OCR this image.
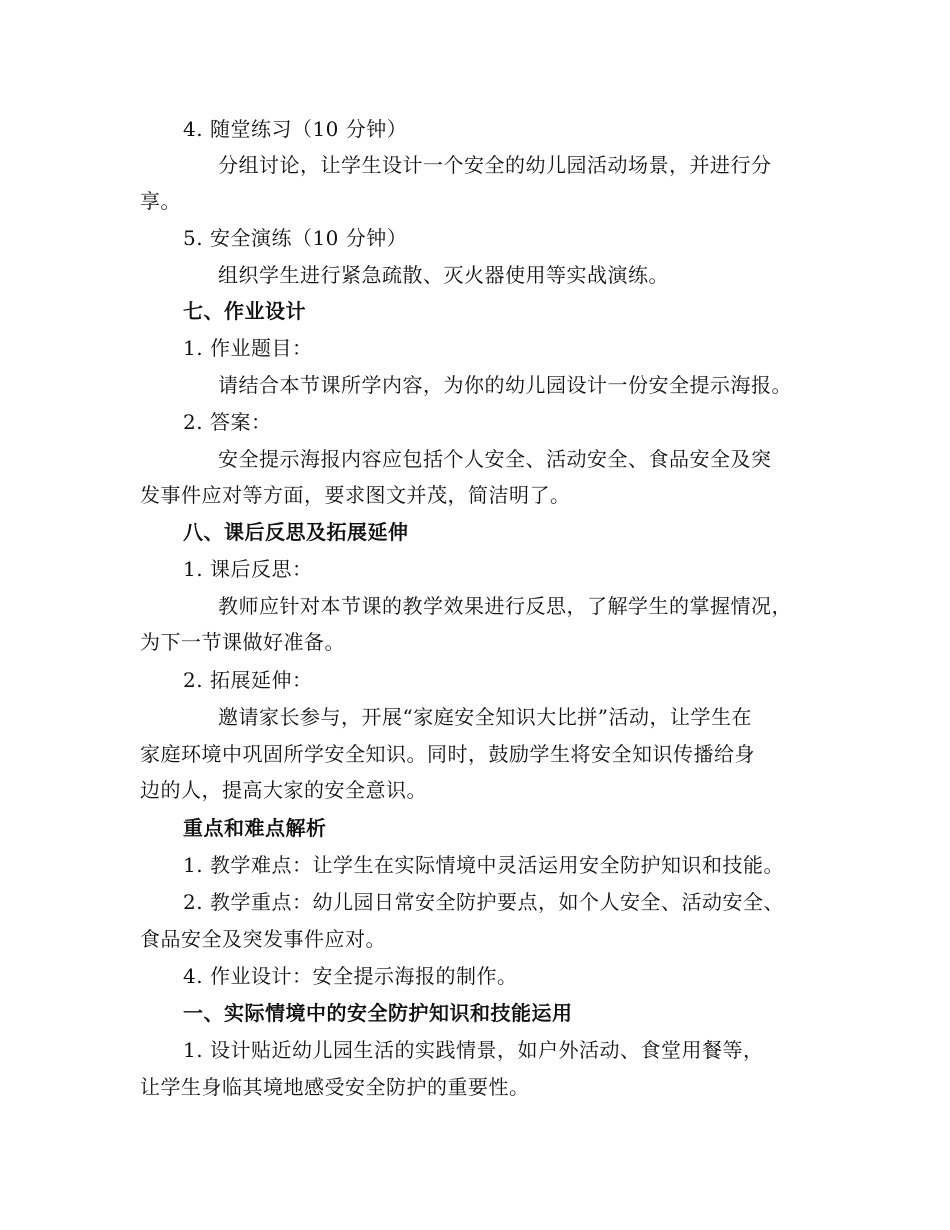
4. 随堂练习（10 分钟）
分组讨论，让学生设计一个安全的幼儿园活动场景，并进行分
享。
5. 安全演练（10 分钟）
组织学生进行紧急疏散、灭火器使用等实战演练。
七、作业设计
1. 作业题目：
请结合本节课所学内容，为你的幼儿园设计一份安全提示海报。
2. 答案：
安全提示海报内容应包括个人安全、活动安全、食品安全及突
发事件应对等方面，要求图文并茂，简洁明了。
八、课后反思及拓展延伸
1. 课后反思：
教师应针对本节课的教学效果进行反思，了解学生的掌握情况，
为下一节课做好准备。
2. 拓展延伸：
邀请家长参与，开展“家庭安全知识大比拼”活动，让学生在
家庭环境中巩固所学安全知识。同时，鼓励学生将安全知识传播给身
边的人，提高大家的安全意识。
重点和难点解析
1. 教学难点：让学生在实际情境中灵活运用安全防护知识和技能。
2. 教学重点：幼儿园日常安全防护要点，如个人安全、活动安全、
食品安全及突发事件应对。
4. 作业设计：安全提示海报的制作。
一、实际情境中的安全防护知识和技能运用
1. 设计贴近幼儿园生活的实践情景，如户外活动、食堂用餐等，
让学生身临其境地感受安全防护的重要性。
